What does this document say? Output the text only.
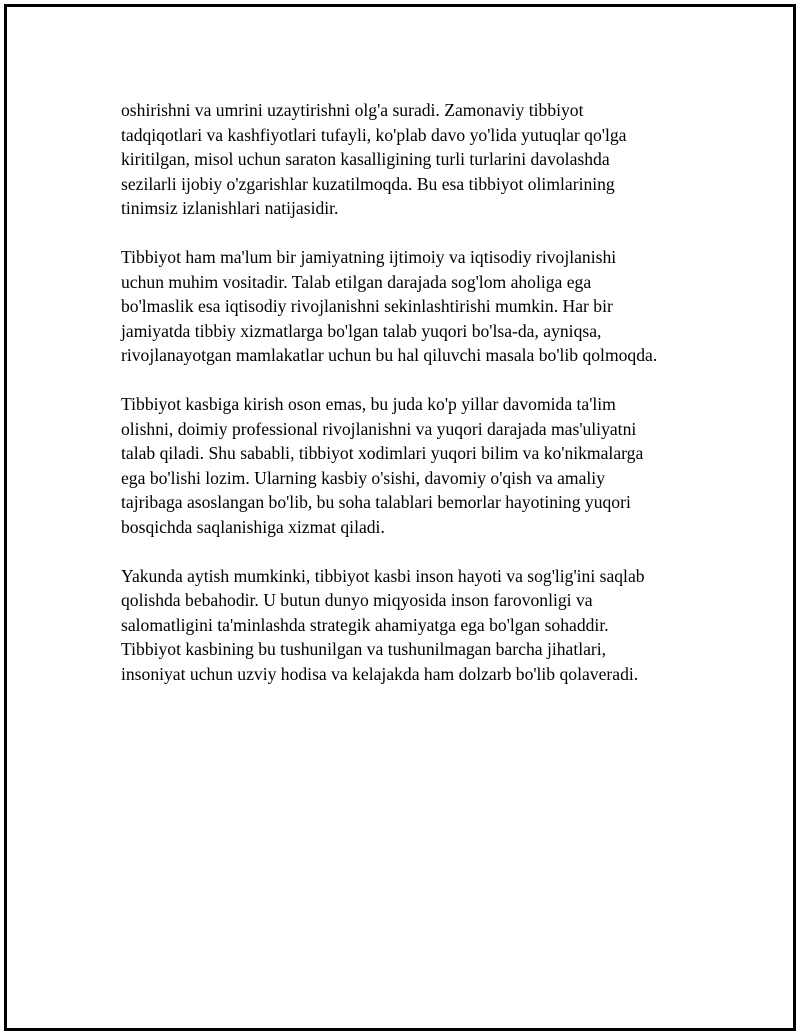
oshirishni va umrini uzaytirishni olg'a suradi. Zamonaviy tibbiyot
tadqiqotlari va kashfiyotlari tufayli, ko'plab davo yo'lida yutuqlar qo'lga
kiritilgan, misol uchun saraton kasalligining turli turlarini davolashda
sezilarli ijobiy o'zgarishlar kuzatilmoqda. Bu esa tibbiyot olimlarining
tinimsiz izlanishlari natijasidir.

Tibbiyot ham ma'lum bir jamiyatning ijtimoiy va iqtisodiy rivojlanishi
uchun muhim vositadir. Talab etilgan darajada sog'lom aholiga ega
bo'lmaslik esa iqtisodiy rivojlanishni sekinlashtirishi mumkin. Har bir
jamiyatda tibbiy xizmatlarga bo'lgan talab yuqori bo'lsa-da, ayniqsa,
rivojlanayotgan mamlakatlar uchun bu hal qiluvchi masala bo'lib qolmoqda.

Tibbiyot kasbiga kirish oson emas, bu juda ko'p yillar davomida ta'lim
olishni, doimiy professional rivojlanishni va yuqori darajada mas'uliyatni
talab qiladi. Shu sababli, tibbiyot xodimlari yuqori bilim va ko'nikmalarga
ega bo'lishi lozim. Ularning kasbiy o'sishi, davomiy o'qish va amaliy
tajribaga asoslangan bo'lib, bu soha talablari bemorlar hayotining yuqori
bosqichda saqlanishiga xizmat qiladi.

Yakunda aytish mumkinki, tibbiyot kasbi inson hayoti va sog'lig'ini saqlab
qolishda bebahodir. U butun dunyo miqyosida inson farovonligi va
salomatligini ta'minlashda strategik ahamiyatga ega bo'lgan sohaddir.
Tibbiyot kasbining bu tushunilgan va tushunilmagan barcha jihatlari,
insoniyat uchun uzviy hodisa va kelajakda ham dolzarb bo'lib qolaveradi.
